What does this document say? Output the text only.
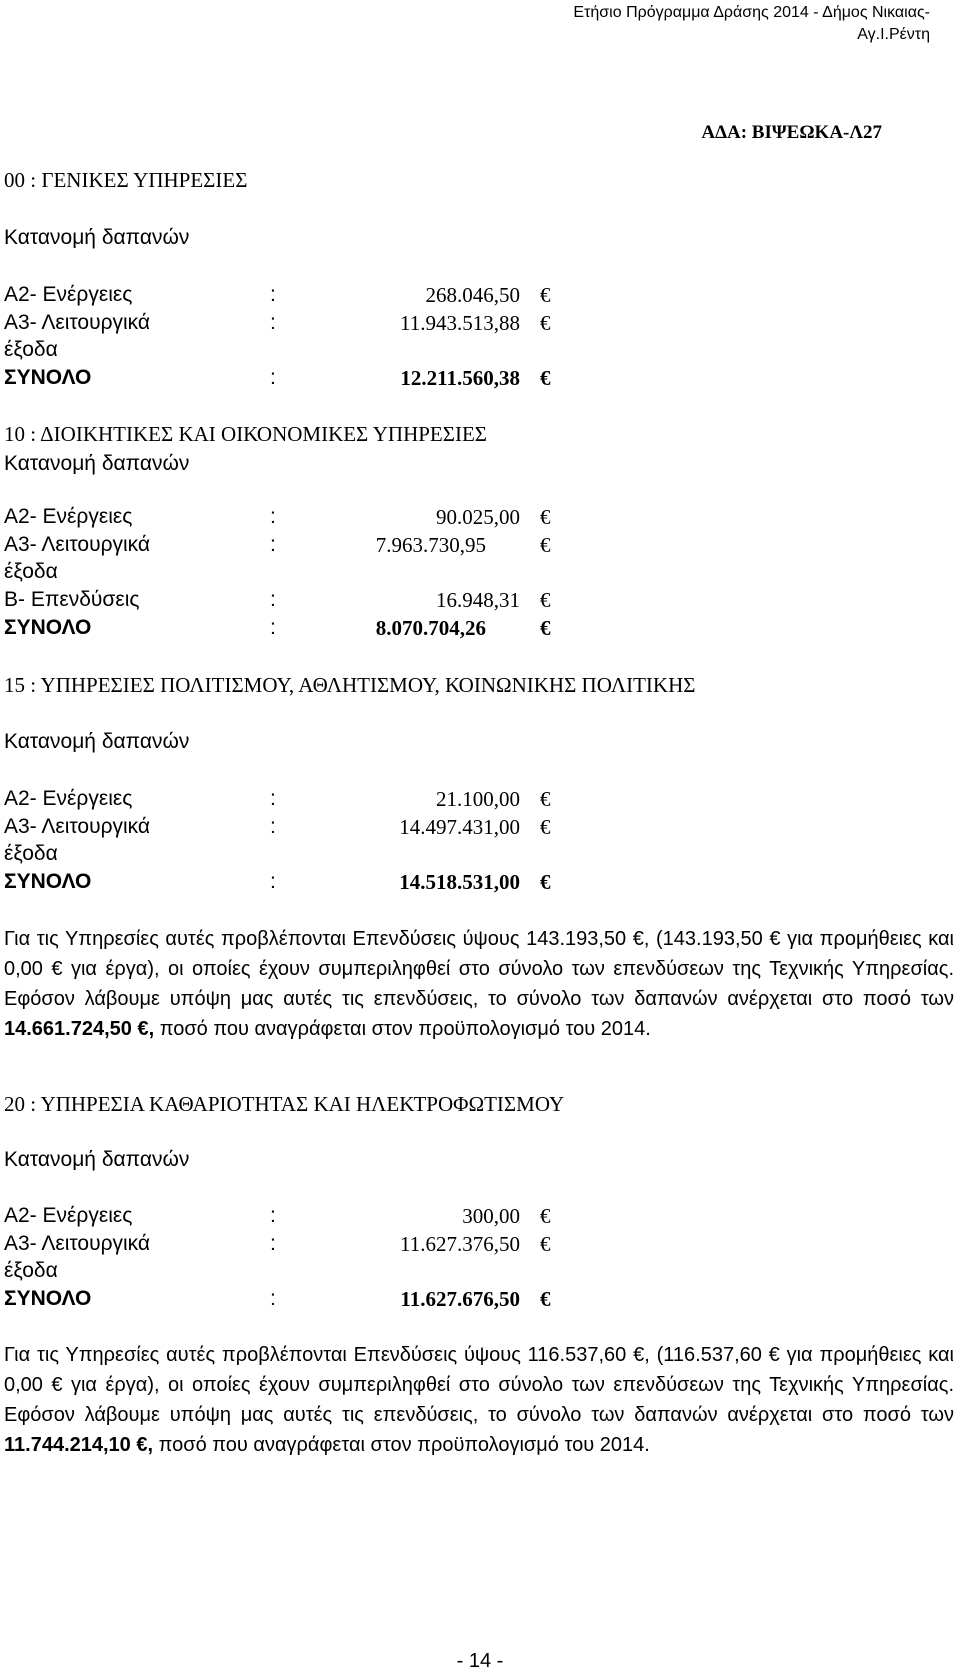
Ετήσιο Πρόγραμμα Δράσης 2014 - Δήμος Νικαιας-
Αγ.Ι.Ρέντη
ΑΔΑ: ΒΙΨΕΩΚΑ-Λ27
00 : ΓΕΝΙΚΕΣ ΥΠΗΡΕΣΙΕΣ
Κατανομή δαπανών
Α2- Ενέργειες	:	268.046,50 €
Α3- Λειτουργικά	:	11.943.513,88 €
έξοδα
ΣΥΝΟΛΟ	:	12.211.560,38 €
10 : ΔΙΟΙΚΗΤΙΚΕΣ ΚΑΙ ΟΙΚΟΝΟΜΙΚΕΣ ΥΠΗΡΕΣΙΕΣ
Κατανομή δαπανών
Α2- Ενέργειες	:	90.025,00 €
Α3- Λειτουργικά	:	7.963.730,95	€
έξοδα
Β- Επενδύσεις	:	16.948,31 €
ΣΥΝΟΛΟ	:	8.070.704,26	€
15 : ΥΠΗΡΕΣΙΕΣ ΠΟΛΙΤΙΣΜΟΥ, ΑΘΛΗΤΙΣΜΟΥ, ΚΟΙΝΩΝΙΚΗΣ ΠΟΛΙΤΙΚΗΣ
Κατανομή δαπανών
Α2- Ενέργειες	:	21.100,00 €
Α3- Λειτουργικά	:	14.497.431,00 €
έξοδα
ΣΥΝΟΛΟ	:	14.518.531,00 €
Για τις Υπηρεσίες αυτές προβλέπονται Επενδύσεις ύψους 143.193,50 €, (143.193,50 € για προμήθειες και 0,00 € για έργα), οι οποίες έχουν συμπεριληφθεί στο σύνολο των επενδύσεων της Τεχνικής Υπηρεσίας. Εφόσον λάβουμε υπόψη μας αυτές τις επενδύσεις, το σύνολο των δαπανών ανέρχεται στο ποσό των 14.661.724,50 €, ποσό που αναγράφεται στον προϋπολογισμό του 2014.
20 : ΥΠΗΡΕΣΙΑ ΚΑΘΑΡΙΟΤΗΤΑΣ ΚΑΙ ΗΛΕΚΤΡΟΦΩΤΙΣΜΟΥ
Κατανομή δαπανών
Α2- Ενέργειες	:	300,00 €
Α3- Λειτουργικά	:	11.627.376,50 €
έξοδα
ΣΥΝΟΛΟ	:	11.627.676,50 €
Για τις Υπηρεσίες αυτές προβλέπονται Επενδύσεις ύψους 116.537,60 €, (116.537,60 € για προμήθειες και 0,00 € για έργα), οι οποίες έχουν συμπεριληφθεί στο σύνολο των επενδύσεων της Τεχνικής Υπηρεσίας. Εφόσον λάβουμε υπόψη μας αυτές τις επενδύσεις, το σύνολο των δαπανών ανέρχεται στο ποσό των 11.744.214,10 €, ποσό που αναγράφεται στον προϋπολογισμό του 2014.
- 14 -
